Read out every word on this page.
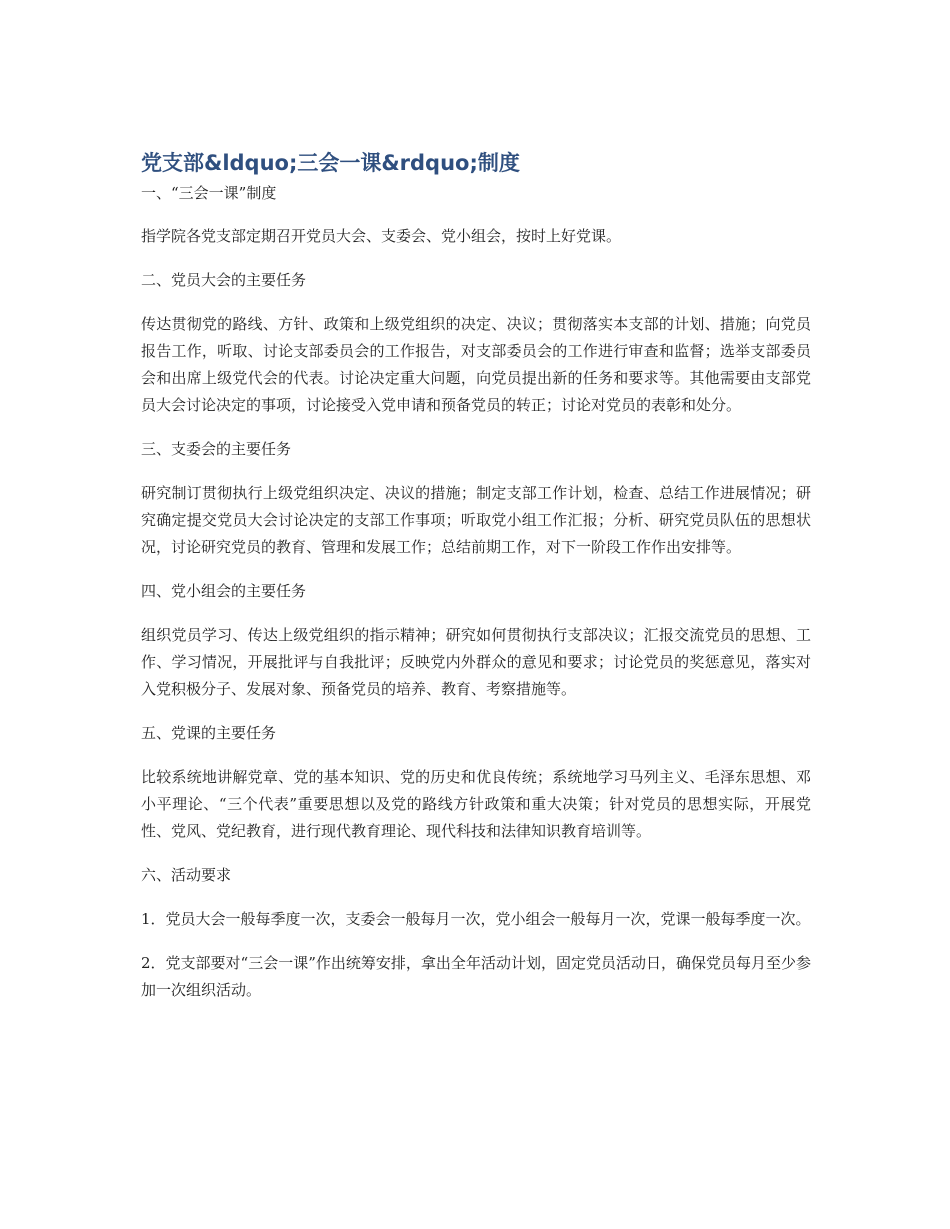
党支部&ldquo;三会一课&rdquo;制度
一、“三会一课”制度
指学院各党支部定期召开党员大会、支委会、党小组会，按时上好党课。
二、党员大会的主要任务
传达贯彻党的路线、方针、政策和上级党组织的决定、决议；贯彻落实本支部的计划、措施；向党员报告工作，听取、讨论支部委员会的工作报告，对支部委员会的工作进行审查和监督；选举支部委员会和出席上级党代会的代表。讨论决定重大问题，向党员提出新的任务和要求等。其他需要由支部党员大会讨论决定的事项，讨论接受入党申请和预备党员的转正；讨论对党员的表彰和处分。
三、支委会的主要任务
研究制订贯彻执行上级党组织决定、决议的措施；制定支部工作计划，检查、总结工作进展情况；研究确定提交党员大会讨论决定的支部工作事项；听取党小组工作汇报；分析、研究党员队伍的思想状况，讨论研究党员的教育、管理和发展工作；总结前期工作，对下一阶段工作作出安排等。
四、党小组会的主要任务
组织党员学习、传达上级党组织的指示精神；研究如何贯彻执行支部决议；汇报交流党员的思想、工作、学习情况，开展批评与自我批评；反映党内外群众的意见和要求；讨论党员的奖惩意见，落实对入党积极分子、发展对象、预备党员的培养、教育、考察措施等。
五、党课的主要任务
比较系统地讲解党章、党的基本知识、党的历史和优良传统；系统地学习马列主义、毛泽东思想、邓小平理论、“三个代表”重要思想以及党的路线方针政策和重大决策；针对党员的思想实际，开展党性、党风、党纪教育，进行现代教育理论、现代科技和法律知识教育培训等。
六、活动要求
1．党员大会一般每季度一次，支委会一般每月一次，党小组会一般每月一次，党课一般每季度一次。
2．党支部要对“三会一课”作出统筹安排，拿出全年活动计划，固定党员活动日，确保党员每月至少参加一次组织活动。
